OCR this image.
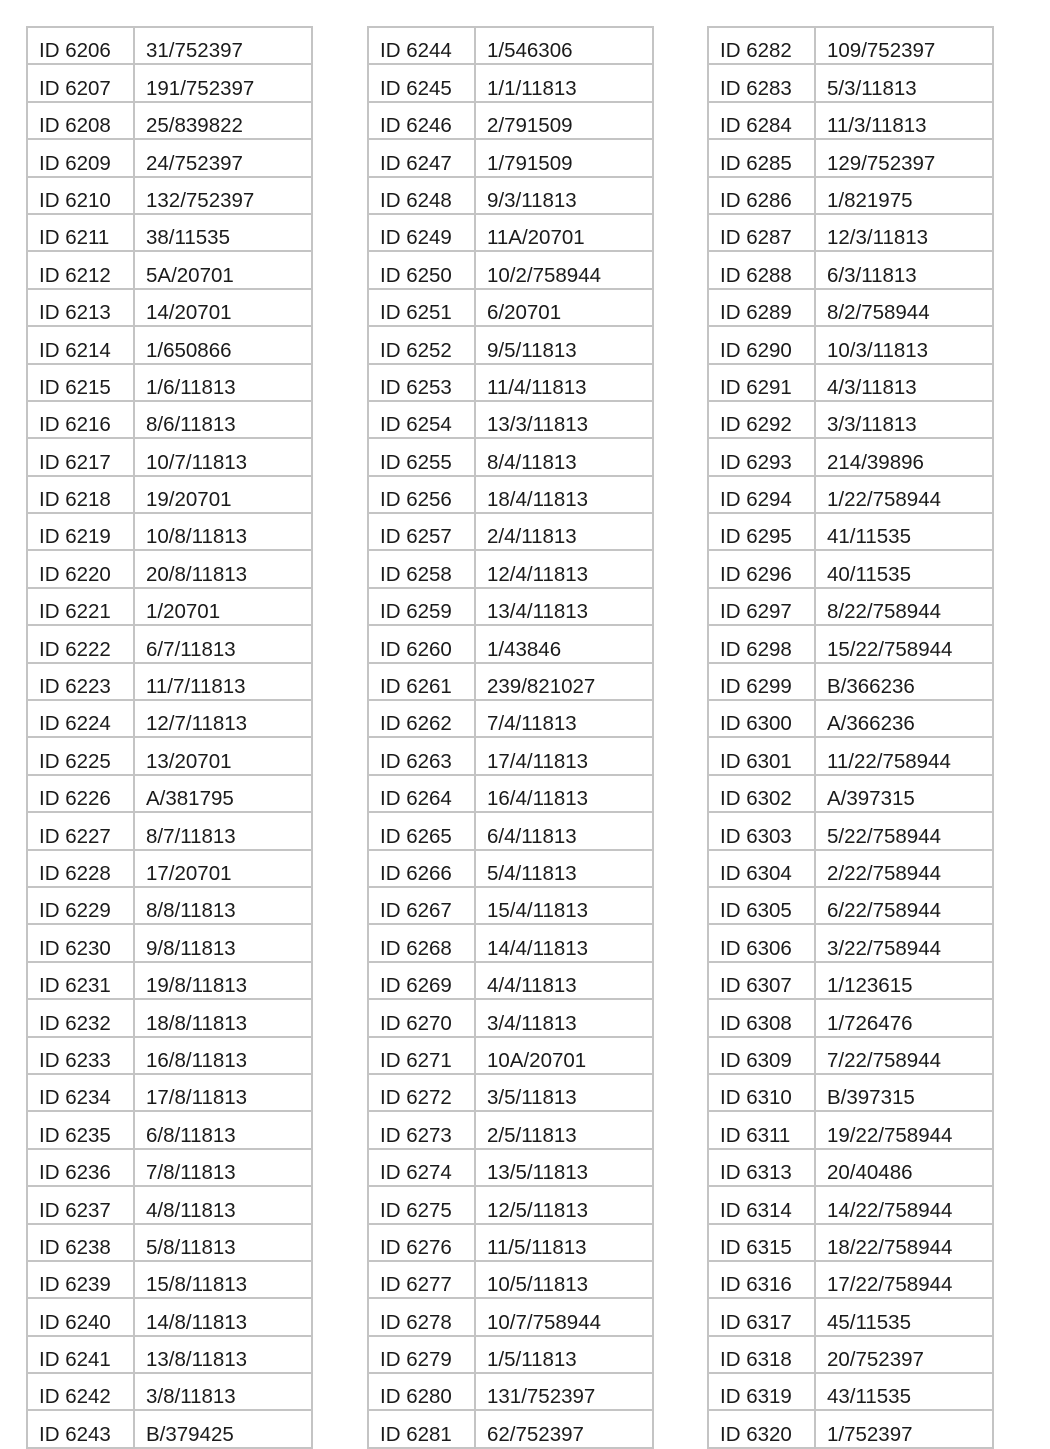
ID 6206	31/752397
ID 6207	191/752397
ID 6208	25/839822
ID 6209	24/752397
ID 6210	132/752397
ID 6211	38/11535
ID 6212	5A/20701
ID 6213	14/20701
ID 6214	1/650866
ID 6215	1/6/11813
ID 6216	8/6/11813
ID 6217	10/7/11813
ID 6218	19/20701
ID 6219	10/8/11813
ID 6220	20/8/11813
ID 6221	1/20701
ID 6222	6/7/11813
ID 6223	11/7/11813
ID 6224	12/7/11813
ID 6225	13/20701
ID 6226	A/381795
ID 6227	8/7/11813
ID 6228	17/20701
ID 6229	8/8/11813
ID 6230	9/8/11813
ID 6231	19/8/11813
ID 6232	18/8/11813
ID 6233	16/8/11813
ID 6234	17/8/11813
ID 6235	6/8/11813
ID 6236	7/8/11813
ID 6237	4/8/11813
ID 6238	5/8/11813
ID 6239	15/8/11813
ID 6240	14/8/11813
ID 6241	13/8/11813
ID 6242	3/8/11813
ID 6243	B/379425
ID 6244	1/546306
ID 6245	1/1/11813
ID 6246	2/791509
ID 6247	1/791509
ID 6248	9/3/11813
ID 6249	11A/20701
ID 6250	10/2/758944
ID 6251	6/20701
ID 6252	9/5/11813
ID 6253	11/4/11813
ID 6254	13/3/11813
ID 6255	8/4/11813
ID 6256	18/4/11813
ID 6257	2/4/11813
ID 6258	12/4/11813
ID 6259	13/4/11813
ID 6260	1/43846
ID 6261	239/821027
ID 6262	7/4/11813
ID 6263	17/4/11813
ID 6264	16/4/11813
ID 6265	6/4/11813
ID 6266	5/4/11813
ID 6267	15/4/11813
ID 6268	14/4/11813
ID 6269	4/4/11813
ID 6270	3/4/11813
ID 6271	10A/20701
ID 6272	3/5/11813
ID 6273	2/5/11813
ID 6274	13/5/11813
ID 6275	12/5/11813
ID 6276	11/5/11813
ID 6277	10/5/11813
ID 6278	10/7/758944
ID 6279	1/5/11813
ID 6280	131/752397
ID 6281	62/752397
ID 6282	109/752397
ID 6283	5/3/11813
ID 6284	11/3/11813
ID 6285	129/752397
ID 6286	1/821975
ID 6287	12/3/11813
ID 6288	6/3/11813
ID 6289	8/2/758944
ID 6290	10/3/11813
ID 6291	4/3/11813
ID 6292	3/3/11813
ID 6293	214/39896
ID 6294	1/22/758944
ID 6295	41/11535
ID 6296	40/11535
ID 6297	8/22/758944
ID 6298	15/22/758944
ID 6299	B/366236
ID 6300	A/366236
ID 6301	11/22/758944
ID 6302	A/397315
ID 6303	5/22/758944
ID 6304	2/22/758944
ID 6305	6/22/758944
ID 6306	3/22/758944
ID 6307	1/123615
ID 6308	1/726476
ID 6309	7/22/758944
ID 6310	B/397315
ID 6311	19/22/758944
ID 6313	20/40486
ID 6314	14/22/758944
ID 6315	18/22/758944
ID 6316	17/22/758944
ID 6317	45/11535
ID 6318	20/752397
ID 6319	43/11535
ID 6320	1/752397
